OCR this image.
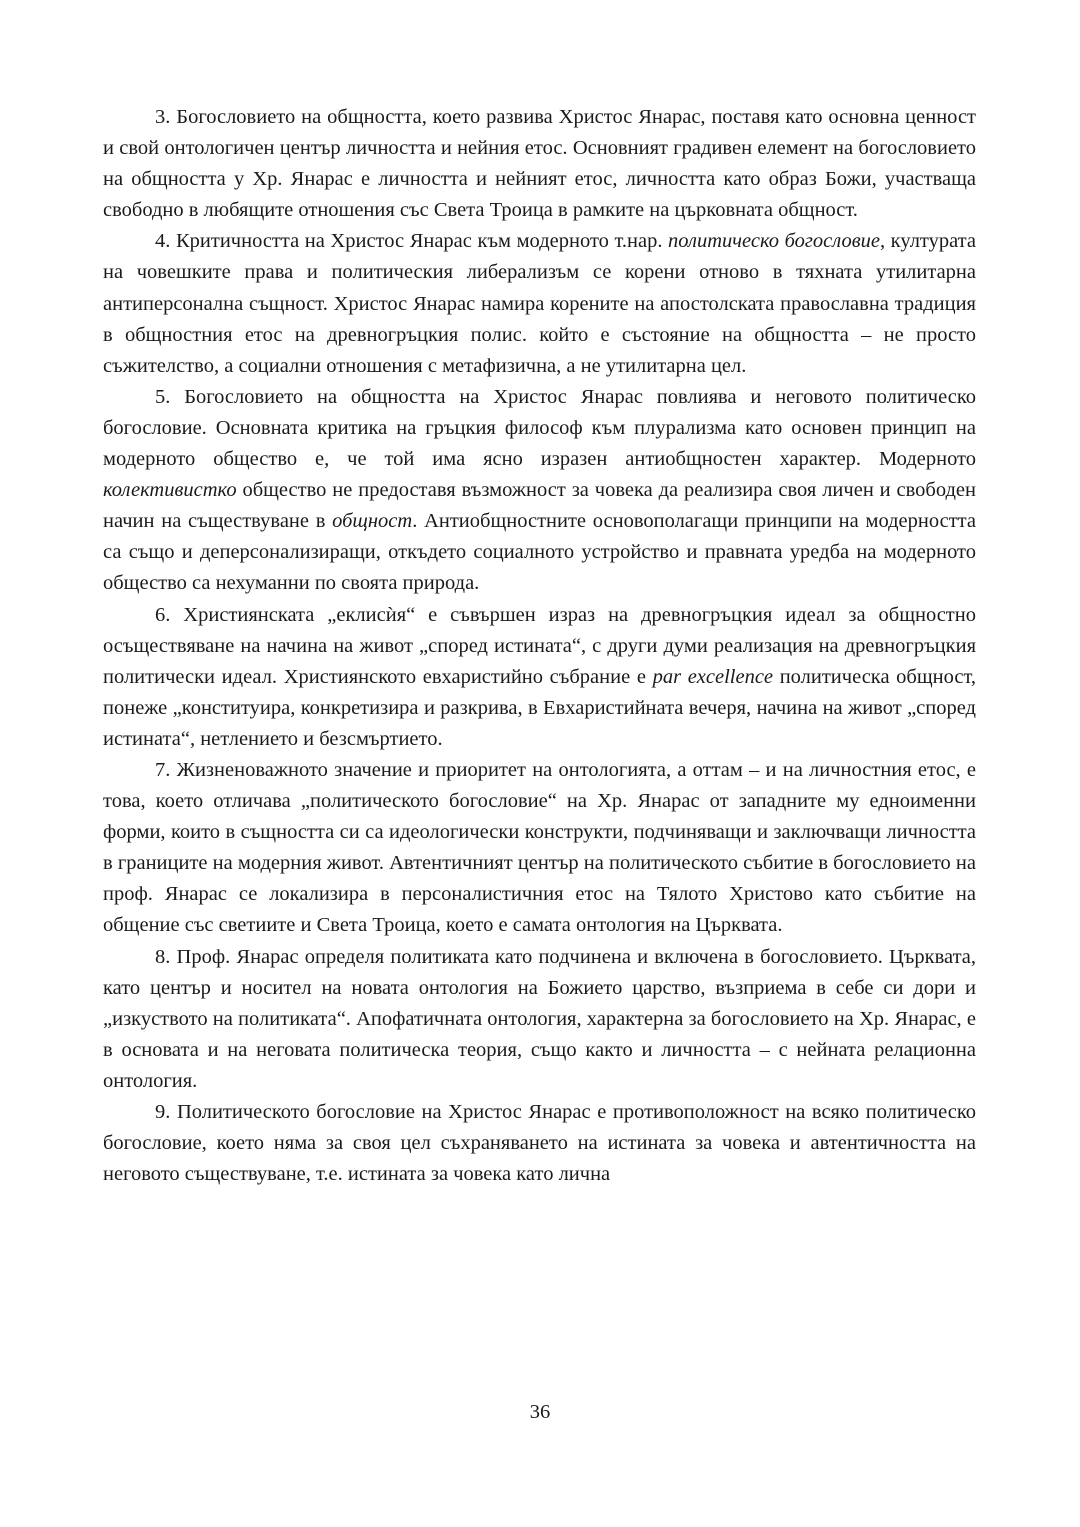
3. Богословието на общността, което развива Христос Янарас, поставя като основна ценност и свой онтологичен център личността и нейния етос. Основният градивен елемент на богословието на общността у Хр. Янарас е личността и нейният етос, личността като образ Божи, участваща свободно в любящите отношения със Света Троица в рамките на църковната общност.

4. Критичността на Христос Янарас към модерното т.нар. политическо богословие, културата на човешките права и политическия либерализъм се корени отново в тяхната утилитарна антиперсонална същност. Христос Янарас намира корените на апостолската православна традиция в общностния етос на древногръцкия полис. който е състояние на общността – не просто съжителство, а социални отношения с метафизична, а не утилитарна цел.

5. Богословието на общността на Христос Янарас повлиява и неговото политическо богословие. Основната критика на гръцкия философ към плурализма като основен принцип на модерното общество е, че той има ясно изразен антиобщностен характер. Модерното колективистко общество не предоставя възможност за човека да реализира своя личен и свободен начин на съществуване в общност. Антиобщностните основополагащи принципи на модерността са също и деперсонализиращи, откъдето социалното устройство и правната уредба на модерното общество са нехуманни по своята природа.

6. Християнската „еклисѝя“ е съвършен израз на древногръцкия идеал за общностно осъществяване на начина на живот „според истината“, с други думи реализация на древногръцкия политически идеал. Християнското евхаристийно събрание е par excellence политическа общност, понеже „конституира, конкретизира и разкрива, в Евхаристийната вечеря, начина на живот „според истината“, нетлението и безсмъртието.

7. Жизненоважното значение и приоритет на онтологията, а оттам – и на личностния етос, е това, което отличава „политическото богословие“ на Хр. Янарас от западните му едноименни форми, които в същността си са идеологически конструкти, подчиняващи и заключващи личността в границите на модерния живот. Автентичният център на политическото събитие в богословието на проф. Янарас се локализира в персоналистичния етос на Тялото Христово като събитие на общение със светиите и Света Троица, което е самата онтология на Църквата.

8. Проф. Янарас определя политиката като подчинена и включена в богословието. Църквата, като център и носител на новата онтология на Божието царство, възприема в себе си дори и „изкуството на политиката“. Апофатичната онтология, характерна за богословието на Хр. Янарас, е в основата и на неговата политическа теория, също както и личността – с нейната релационна онтология.

9. Политическото богословие на Христос Янарас е противоположност на всяко политическо богословие, което няма за своя цел съхраняването на истината за човека и автентичността на неговото съществуване, т.е. истината за човека като лична

36
